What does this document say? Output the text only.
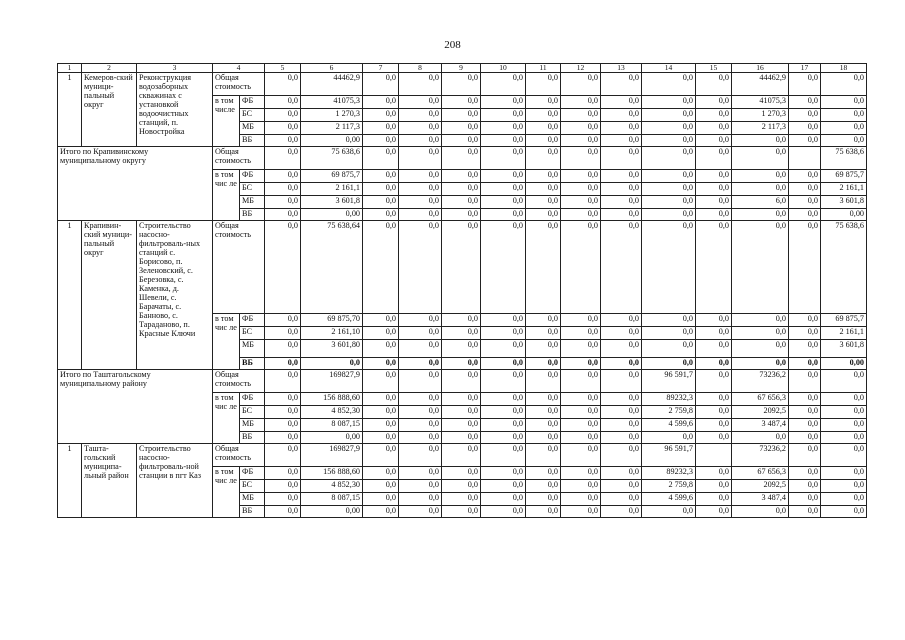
208
1	2	3	4		5	6	7	8	9	10	11	12	13	14	15	16	17	18
1	Кемеров-ский муници-пальный округ	Реконструкция водозаборных скважинах с установкой водоочистных станций, п. Новостройка	Общая стоимость		0,0	44462,9	0,0	0,0	0,0	0,0	0,0	0,0	0,0	0,0	0,0	44462,9	0,0	0,0
			в том числе	ФБ	0,0	41075,3	0,0	0,0	0,0	0,0	0,0	0,0	0,0	0,0	0,0	41075,3	0,0	0,0
				БС	0,0	1 270,3	0,0	0,0	0,0	0,0	0,0	0,0	0,0	0,0	0,0	1 270,3	0,0	0,0
				МБ	0,0	2 117,3	0,0	0,0	0,0	0,0	0,0	0,0	0,0	0,0	0,0	2 117,3	0,0	0,0
				ВБ	0,0	0,00	0,0	0,0	0,0	0,0	0,0	0,0	0,0	0,0	0,0	0,0	0,0	0,0
Итого по Крапивинскому муниципальному округу			Общая стоимость		0,0	75 638,6	0,0	0,0	0,0	0,0	0,0	0,0	0,0	0,0	0,0	0,0		75 638,6
			в том чис ле	ФБ	0,0	69 875,7	0,0	0,0	0,0	0,0	0,0	0,0	0,0	0,0	0,0	0,0	0,0	69 875,7
				БС	0,0	2 161,1	0,0	0,0	0,0	0,0	0,0	0,0	0,0	0,0	0,0	0,0	0,0	2 161,1
				МБ	0,0	3 601,8	0,0	0,0	0,0	0,0	0,0	0,0	0,0	0,0	0,0	6,0	0,0	3 601,8
				ВБ	0,0	0,00	0,0	0,0	0,0	0,0	0,0	0,0	0,0	0,0	0,0	0,0	0,0	0,00
1	Крапивин-ский муници-пальный округ	Строительство насосно-фильтроваль-ных станций с. Борисово, п. Зеленовский, с. Березовка, с. Каменка, д. Шевели, с. Барачаты, с. Банново, с. Тараданово, п. Красные Ключи	Общая стоимость		0,0	75 638,64	0,0	0,0	0,0	0,0	0,0	0,0	0,0	0,0	0,0	0,0	0,0	75 638,6
			в том чис ле	ФБ	0,0	69 875,70	0,0	0,0	0,0	0,0	0,0	0,0	0,0	0,0	0,0	0,0	0,0	69 875,7
				БС	0,0	2 161,10	0,0	0,0	0,0	0,0	0,0	0,0	0,0	0,0	0,0	0,0	0,0	2 161,1
				МБ	0,0	3 601,80	0,0	0,0	0,0	0,0	0,0	0,0	0,0	0,0	0,0	0,0	0,0	3 601,8
				ВБ	0,0	0,0	0,0	0,0	0,0	0,0	0,0	0,0	0,0	0,0	0,0	0,0	0,0	0,00
Итого по Таштагольскому муниципальному району			Общая стоимость		0,0	169827,9	0,0	0,0	0,0	0,0	0,0	0,0	0,0	96 591,7	0,0	73236,2	0,0	0,0
			в том чис ле	ФБ	0,0	156 888,60	0,0	0,0	0,0	0,0	0,0	0,0	0,0	89232,3	0,0	67 656,3	0,0	0,0
				БС	0,0	4 852,30	0,0	0,0	0,0	0,0	0,0	0,0	0,0	2 759,8	0,0	2092,5	0,0	0,0
				МБ	0,0	8 087,15	0,0	0,0	0,0	0,0	0,0	0,0	0,0	4 599,6	0,0	3 487,4	0,0	0,0
				ВБ	0,0	0,00	0,0	0,0	0,0	0,0	0,0	0,0	0,0	0,0	0,0	0,0	0,0	0,0
1	Ташта-гольский муниципа-льный район	Строительство насосно-фильтроваль-ной станции в пгт Каз	Общая стоимость		0,0	169827,9	0,0	0,0	0,0	0,0	0,0	0,0	0,0	96 591,7		73236,2	0,0	0,0
			в том чис ле	ФБ	0,0	156 888,60	0,0	0,0	0,0	0,0	0,0	0,0	0,0	89232,3	0,0	67 656,3	0,0	0,0
				БС	0,0	4 852,30	0,0	0,0	0,0	0,0	0,0	0,0	0,0	2 759,8	0,0	2092,5	0,0	0,0
				МБ	0,0	8 087,15	0,0	0,0	0,0	0,0	0,0	0,0	0,0	4 599,6	0,0	3 487,4	0,0	0,0
				ВБ	0,0	0,00	0,0	0,0	0,0	0,0	0,0	0,0	0,0	0,0	0,0	0,0	0,0	0,0
